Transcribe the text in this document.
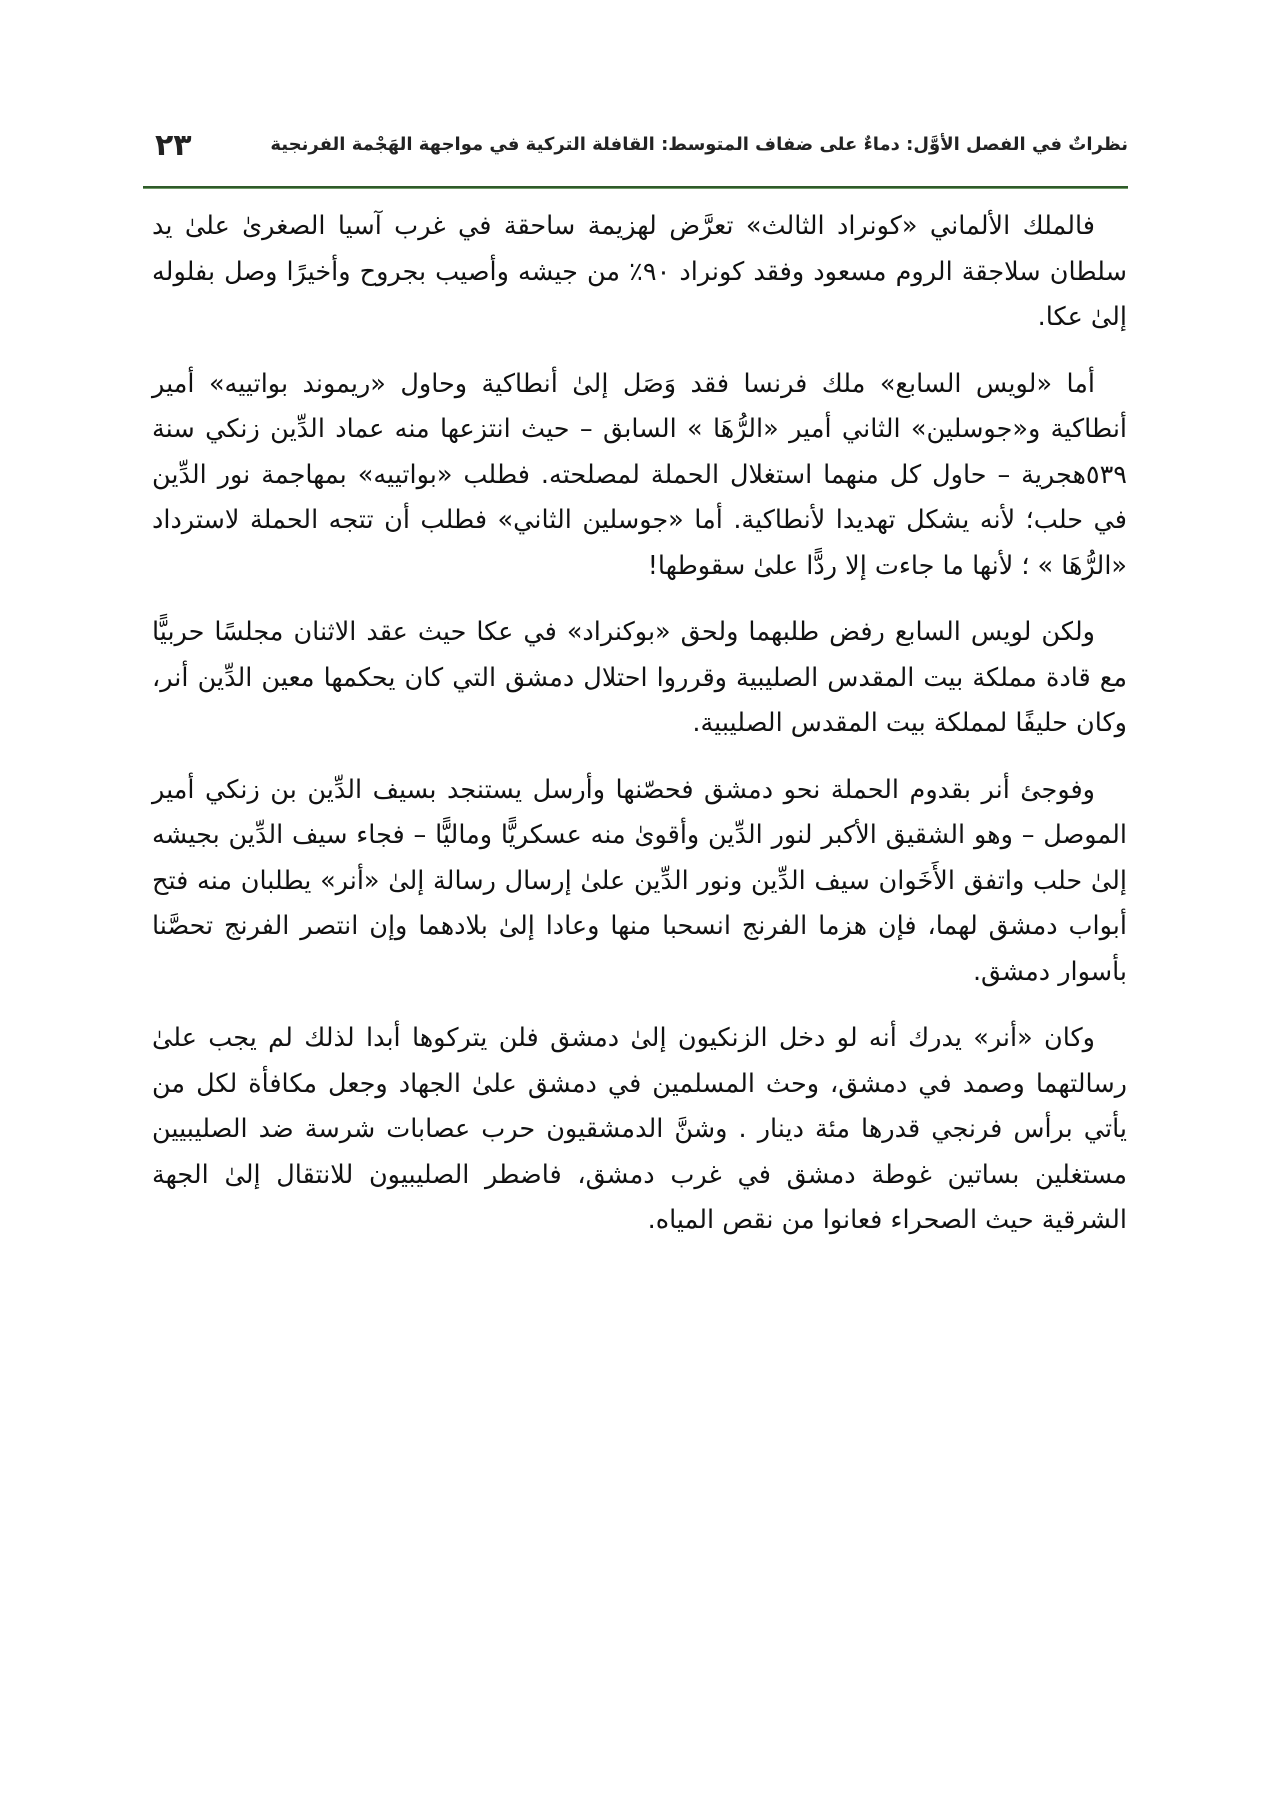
نظراتٌ في الفصل الأوَّل: دماءٌ على ضفاف المتوسط: القافلة التركية في مواجهة الهَجْمة الفرنجية
٢٣

فالملك الألماني «كونراد الثالث» تعرَّض لهزيمة ساحقة في غرب آسيا الصغرىٰ علىٰ يد سلطان سلاجقة الروم مسعود وفقد كونراد ٩٠٪ من جيشه وأصيب بجروح وأخيرًا وصل بفلوله إلىٰ عكا.

أما «لويس السابع» ملك فرنسا فقد وَصَل إلىٰ أنطاكية وحاول «ريموند بواتييه» أمير أنطاكية و«جوسلين» الثاني أمير «الرُّهَا » السابق – حيث انتزعها منه عماد الدِّين زنكي سنة ٥٣٩هجرية – حاول كل منهما استغلال الحملة لمصلحته. فطلب «بواتييه» بمهاجمة نور الدِّين في حلب؛ لأنه يشكل تهديدا لأنطاكية. أما «جوسلين الثاني» فطلب أن تتجه الحملة لاسترداد «الرُّهَا » ؛ لأنها ما جاءت إلا ردًّا علىٰ سقوطها!

ولكن لويس السابع رفض طلبهما ولحق «بوكنراد» في عكا حيث عقد الاثنان مجلسًا حربيًّا مع قادة مملكة بيت المقدس الصليبية وقرروا احتلال دمشق التي كان يحكمها معين الدِّين أنر، وكان حليفًا لمملكة بيت المقدس الصليبية.

وفوجئ أنر بقدوم الحملة نحو دمشق فحصّنها وأرسل يستنجد بسيف الدِّين بن زنكي أمير الموصل – وهو الشقيق الأكبر لنور الدِّين وأقوىٰ منه عسكريًّا وماليًّا – فجاء سيف الدِّين بجيشه إلىٰ حلب واتفق الأَخَوان سيف الدِّين ونور الدِّين علىٰ إرسال رسالة إلىٰ «أنر» يطلبان منه فتح أبواب دمشق لهما، فإن هزما الفرنج انسحبا منها وعادا إلىٰ بلادهما وإن انتصر الفرنج تحصَّنا بأسوار دمشق.

وكان «أنر» يدرك أنه لو دخل الزنكيون إلىٰ دمشق فلن يتركوها أبدا لذلك لم يجب علىٰ رسالتهما وصمد في دمشق، وحث المسلمين في دمشق علىٰ الجهاد وجعل مكافأة لكل من يأتي برأس فرنجي قدرها مئة دينار . وشنَّ الدمشقيون حرب عصابات شرسة ضد الصليبيين مستغلين بساتين غوطة دمشق في غرب دمشق، فاضطر الصليبيون للانتقال إلىٰ الجهة الشرقية حيث الصحراء فعانوا من نقص المياه.
